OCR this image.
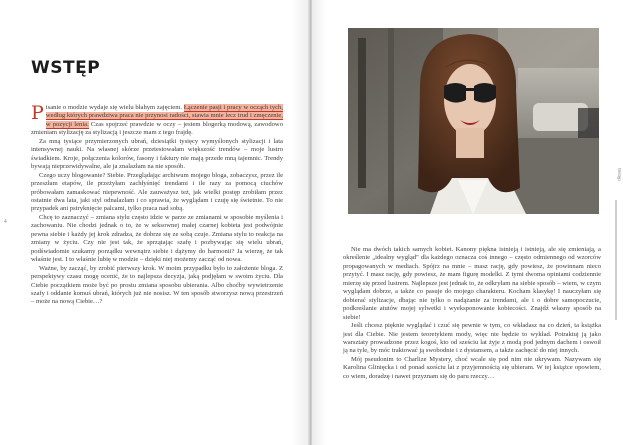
4
WSTĘP

Pisanie o modzie wydaje się wielu błahym zajęciem. Łączenie pasji i pracy w ocząch tych, według których prawdziwa praca nie przynosi radości, stawia mnie lecz trud i zmęczenie, w pozycji lenia. Czas spojrzeć prawdzie w oczy – jestem blogerką modową, zawodowo zmieniam stylizację za stylizacją i jeszcze mam z tego frajdę.

Za mną tysiące przymierzonych ubrań, dziesiątki tysięcy wymyślonych stylizacji i lata intensywnej nauki. Na własnej skórze przetestowałam większość trendów – moje lustro świadkiem. Kroje, połączenia kolorów, fasony i faktury nie mają przede mną tajemnic. Trendy bywają nieprzewidywalne, ale ja znalazłam na nie sposób.

Czego uczy blogowanie? Siebie. Przeglądając archiwum mojego bloga, zobaczysz, przez ile przeszłam etapów, ile przeżyłam zachłyśnięć trendami i ile razy za pomocą ciuchów próbowałam zamaskować niepewność. Ale zauważysz też, jak wielki postęp zrobiłam przez ostatnie dwa lata, jaki styl odnalazłam i co sprawia, że wyglądam i czuję się świetnie. To nie przypadek ani pstryknięcie palcami, tylko praca nad sobą.

Chcę to zaznaczyć – zmiana stylu często idzie w parze ze zmianami w sposobie myślenia i zachowaniu. Nie chodzi jednak o to, że w seksownej małej czarnej kobieta jest podwójnie pewna siebie i każdy jej krok zdradza, że dobrze się ze sobą czuje. Zmiana stylu to reakcja na zmiany w życiu. Czy nie jest tak, że sprzątając szafę i pozbywając się wielu ubrań, podświadomie szukamy porządku wewnątrz siebie i dążymy do harmonii? Ja wierzę, że tak właśnie jest. I to właśnie lubię w modzie – dzięki niej możemy zacząć od nowa.

Ważne, by zacząć, by zrobić pierwszy krok. W moim przypadku było to założenie bloga. Z perspektywy czasu mogę ocenić, że to najlepsza decyzja, jaką podjęłam w swoim życiu. Dla Ciebie początkiem może być po prostu zmiana sposobu ubierania. Albo choćby wywietrzenie szafy i oddanie komuś ubrań, których już nie nosisz. W ten sposób stworzysz nową przestrzeń – może na nową Ciebie…?

Wstęp

Nie ma dwóch takich samych kobiet. Kanony piękna istnieją i istnieją, ale się zmieniają, a określenie „idealny wygląd" dla każdego oznacza coś innego – często odmiennego od wzorców propagowanych w mediach. Spójrz na mnie – masz rację, gdy powiesz, że powinnam nieco przytyć. I masz rację, gdy powiesz, że mam figurę modelki. Z tymi dwoma opiniami codziennie mierzę się przed lustrem. Najlepsze jest jednak to, że odkryłam na siebie sposób – wiem, w czym wyglądam dobrze, a także co pasuje do mojego charakteru. Kocham klasykę! I nauczyłam się dobierać stylizacje, dbając nie tylko o nadążanie za trendami, ale i o dobre samopoczucie, podkreślanie atutów mojej sylwetki i wyeksponowanie kobiecości. Znajdź własny sposób na siebie!

Jeśli chcesz pięknie wyglądać i czuć się pewnie w tym, co wkładasz na co dzień, ta książka jest dla Ciebie. Nie jestem teoretykiem mody, więc nie będzie to wykład. Potraktuj ją jako warsztaty prowadzone przez kogoś, kto od sześciu lat żyje z modą pod jednym dachem i oswoił ją na tyle, by móc traktować ją swobodnie i z dystansem, a także zachęcić do niej innych.

Mój pseudonim to Charlize Mystery, choć wcale się pod nim nie ukrywam. Nazywam się Karolina Glinięcka i od ponad sześciu lat z przyjemnością się ubieram. W tej książce opowiem, co wiem, doradzę i nawet przyznam się do paru rzeczy…
